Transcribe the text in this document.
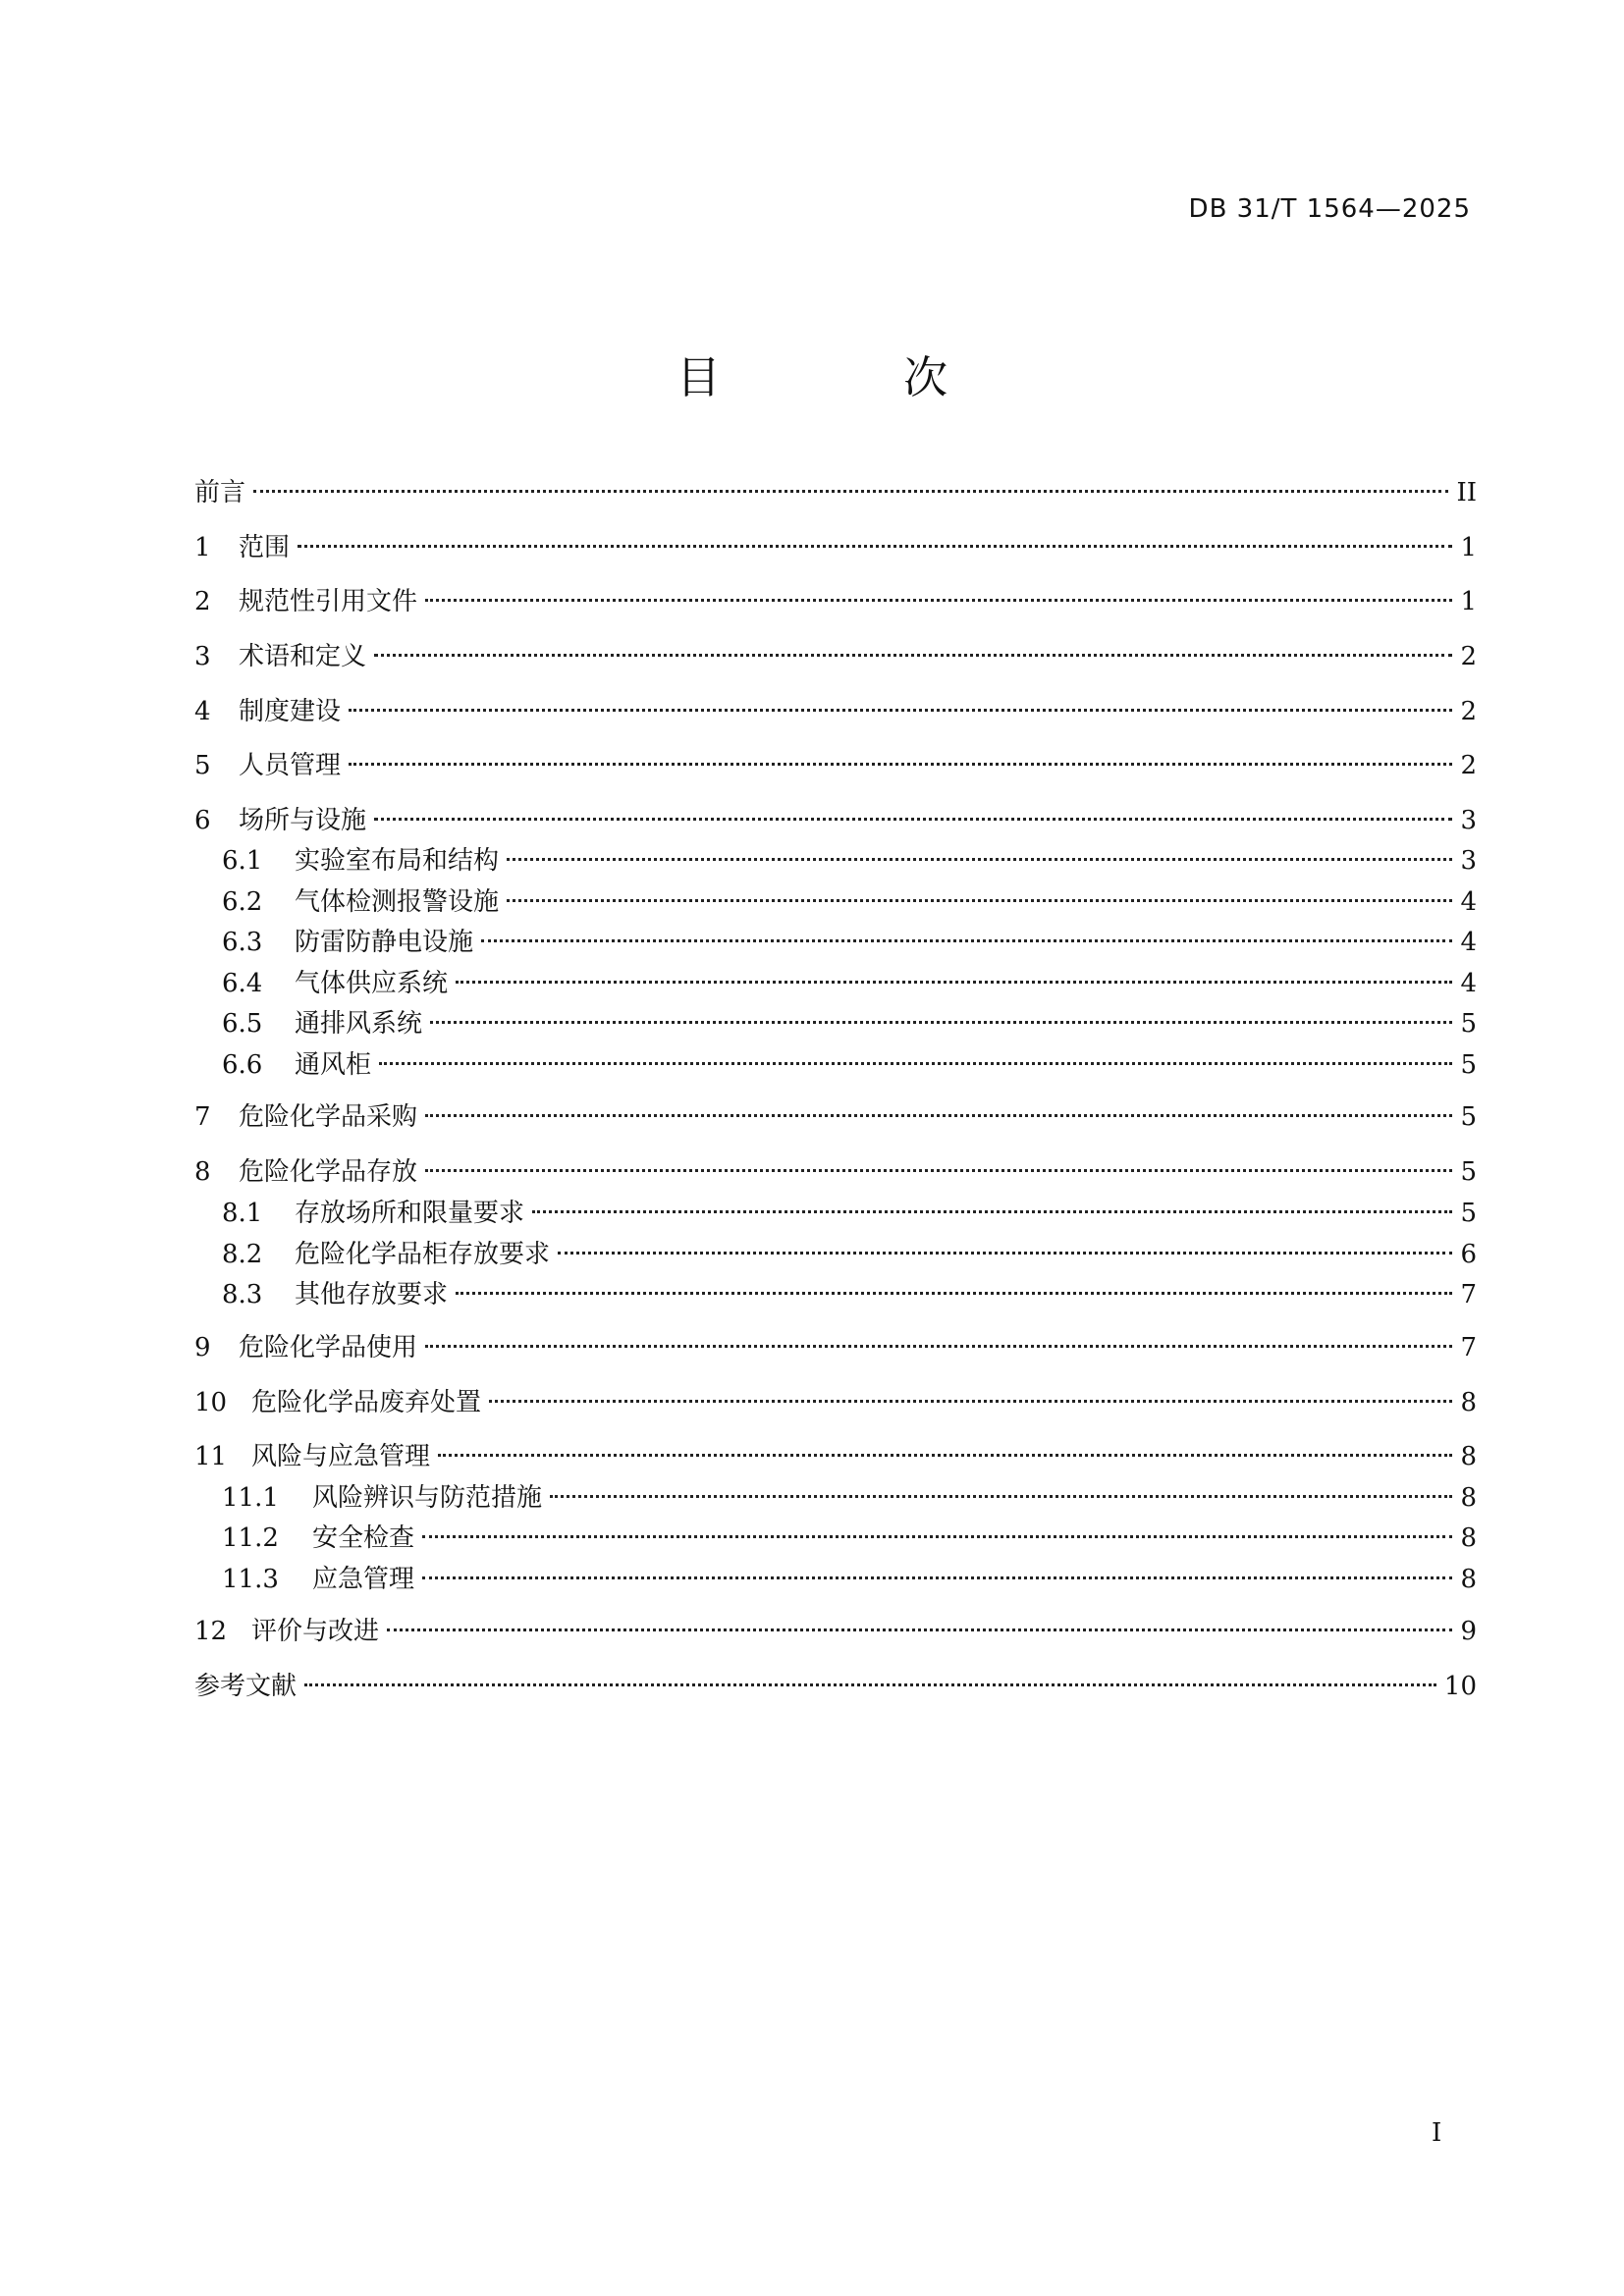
DB 31/T 1564—2025
目 次
前言	II
1	范围	1
2	规范性引用文件	1
3	术语和定义	2
4	制度建设	2
5	人员管理	2
6	场所与设施	3
6.1	实验室布局和结构	3
6.2	气体检测报警设施	4
6.3	防雷防静电设施	4
6.4	气体供应系统	4
6.5	通排风系统	5
6.6	通风柜	5
7	危险化学品采购	5
8	危险化学品存放	5
8.1	存放场所和限量要求	5
8.2	危险化学品柜存放要求	6
8.3	其他存放要求	7
9	危险化学品使用	7
10 危险化学品废弃处置	8
11 风险与应急管理	8
11.1	风险辨识与防范措施	8
11.2	安全检查	8
11.3	应急管理	8
12 评价与改进	9
参考文献	10
I
